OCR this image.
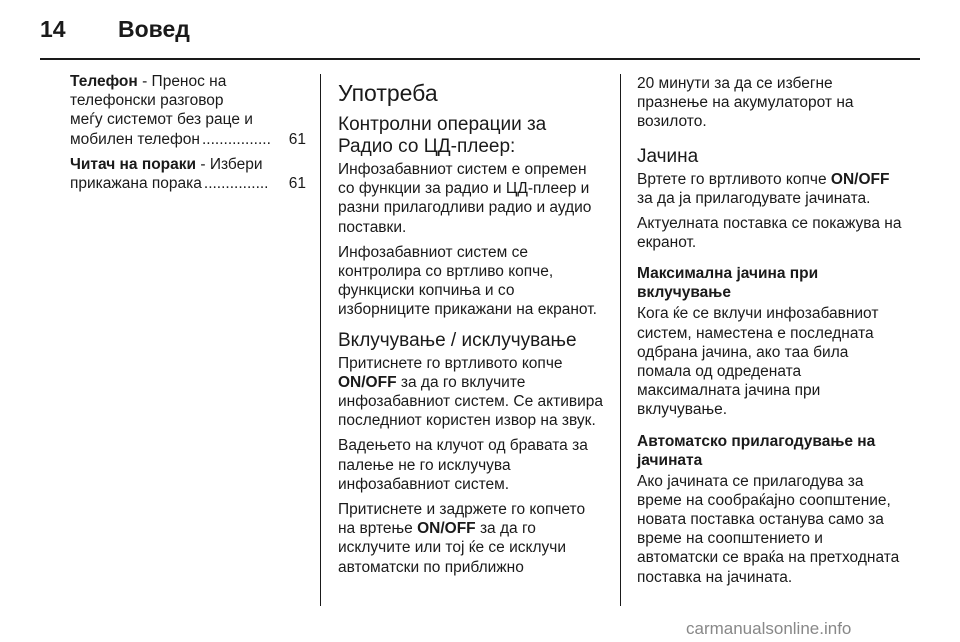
14 Вовед
Телефон - Пренос на
телефонски разговор
меѓу системот без раце и
мобилен телефон ................	61
Читач на пораки - Избери
прикажана порака ...............	61
Употреба
Контролни операции за Радио со ЦД-плеер:

Инфозабавниот систем е опремен со функции за радио и ЦД-плеер и разни прилагодливи радио и аудио поставки.

Инфозабавниот систем се контролира со вртливо копче, функциски копчиња и со изборниците прикажани на екранот.

Вклучување / исклучување

Притиснете го вртливото копче ON/OFF за да го вклучите инфозабавниот систем. Се активира последниот користен извор на звук.

Вадењето на клучот од бравата за палење не го исклучува инфозабавниот систем.

Притиснете и задржете го копчето на вртење ON/OFF за да го исклучите или тој ќе се исклучи автоматски по приближно

20 минути за да се избегне празнење на акумулаторот на возилото.

Јачина

Вртете го вртливото копче ON/OFF за да ја прилагодувате јачината.

Актуелната поставка се покажува на екранот.

Максимална јачина при вклучување

Кога ќе се вклучи инфозабавниот систем, наместена е последната одбрана јачина, ако таа била помала од одредената максималната јачина при вклучување.

Автоматско прилагодување на јачината

Ако јачината се прилагодува за време на сообраќајно соопштение, новата поставка останува само за време на соопштението и автоматски се враќа на претходната поставка на јачината.

carmanualsonline.info
